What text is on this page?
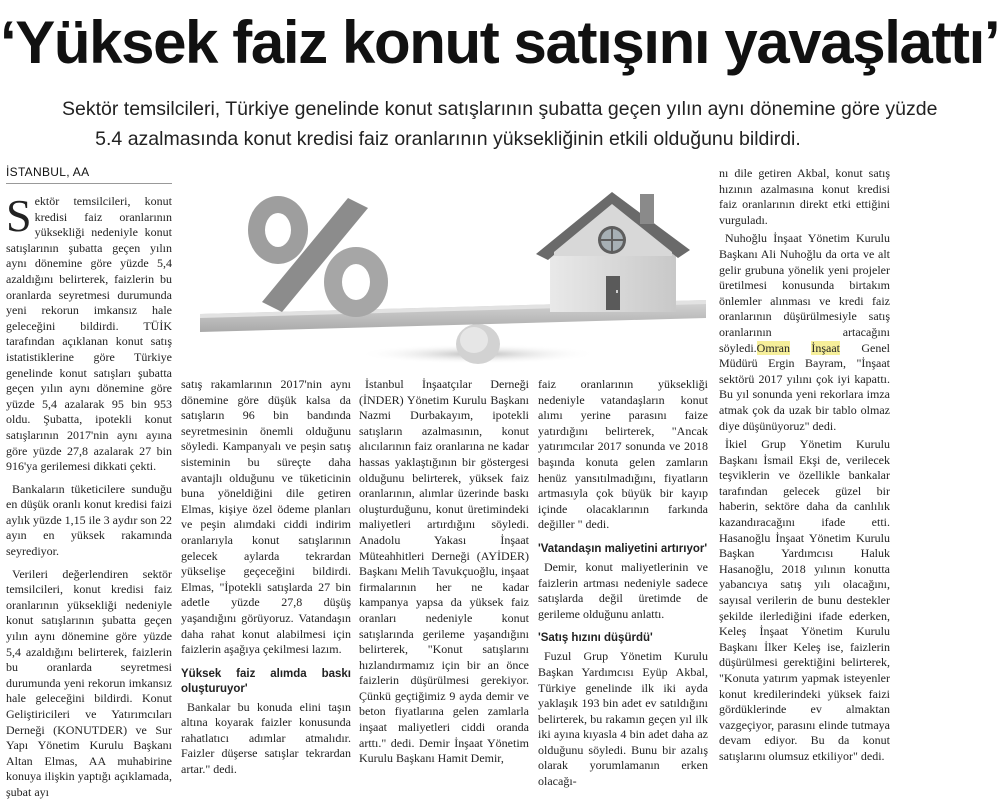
‘Yüksek faiz konut satışını yavaşlattı’
Sektör temsilcileri, Türkiye genelinde konut satışlarının şubatta geçen yılın aynı dönemine göre yüzde
5.4 azalmasında konut kredisi faiz oranlarının yüksekliğinin etkili olduğunu bildirdi.
İSTANBUL, AA

Sektör temsilcileri, konut kredisi faiz oranlarının yüksekliği nedeniyle konut satışlarının şubatta geçen yılın aynı dönemine göre yüzde 5,4 azaldığını belirterek, faizlerin bu oranlarda seyretmesi durumunda yeni rekorun imkansız hale geleceğini bildirdi. TÜİK tarafından açıklanan konut satış istatistiklerine göre Türkiye genelinde konut satışları şubatta geçen yılın aynı dönemine göre yüzde 5,4 azalarak 95 bin 953 oldu. Şubatta, ipotekli konut satışlarının 2017'nin aynı ayına göre yüzde 27,8 azalarak 27 bin 916'ya gerilemesi dikkati çekti.

Bankaların tüketicilere sunduğu en düşük oranlı konut kredisi faizi aylık yüzde 1,15 ile 3 aydır son 22 ayın en yüksek rakamında seyrediyor.

Verileri değerlendiren sektör temsilcileri, konut kredisi faiz oranlarının yüksekliği nedeniyle konut satışlarının şubatta geçen yılın aynı dönemine göre yüzde 5,4 azaldığını belirterek, faizlerin bu oranlarda seyretmesi durumunda yeni rekorun imkansız hale geleceğini bildirdi. Konut Geliştiricileri ve Yatırımcıları Derneği (KONUTDER) ve Sur Yapı Yönetim Kurulu Başkanı Altan Elmas, AA muhabirine konuya ilişkin yaptığı açıklamada, şubat ayı

satış rakamlarının 2017'nin aynı dönemine göre düşük kalsa da satışların 96 bin bandında seyretmesinin önemli olduğunu söyledi. Kampanyalı ve peşin satış sisteminin bu süreçte daha avantajlı olduğunu ve tüketicinin buna yöneldiğini dile getiren Elmas, kişiye özel ödeme planları ve peşin alımdaki ciddi indirim oranlarıyla konut satışlarının gelecek aylarda tekrardan yükselişe geçeceğini bildirdi. Elmas, "İpotekli satışlarda 27 bin adetle yüzde 27,8 düşüş yaşandığını görüyoruz. Vatandaşın daha rahat konut alabilmesi için faizlerin aşağıya çekilmesi lazım.

Yüksek faiz alımda baskı oluşturuyor'

Bankalar bu konuda elini taşın altına koyarak faizler konusunda rahatlatıcı adımlar atmalıdır. Faizler düşerse satışlar tekrardan artar." dedi.

İstanbul İnşaatçılar Derneği (İNDER) Yönetim Kurulu Başkanı Nazmi Durbakayım, ipotekli satışların azalmasının, konut alıcılarının faiz oranlarına ne kadar hassas yaklaştığının bir göstergesi olduğunu belirterek, yüksek faiz oranlarının, alımlar üzerinde baskı oluşturduğunu, konut üretimindeki maliyetleri artırdığını söyledi. Anadolu Yakası İnşaat Müteahhitleri Derneği (AYİDER) Başkanı Melih Tavukçuoğlu, inşaat firmalarının her ne kadar kampanya yapsa da yüksek faiz oranları nedeniyle konut satışlarında gerileme yaşandığını belirterek, "Konut satışlarını hızlandırmamız için bir an önce faizlerin düşürülmesi gerekiyor. Çünkü geçtiğimiz 9 ayda demir ve beton fiyatlarına gelen zamlarla inşaat maliyetleri ciddi oranda arttı." dedi. Demir İnşaat Yönetim Kurulu Başkanı Hamit Demir,

faiz oranlarının yüksekliği nedeniyle vatandaşların konut alımı yerine parasını faize yatırdığını belirterek, "Ancak yatırımcılar 2017 sonunda ve 2018 başında konuta gelen zamların henüz yansıtılmadığını, fiyatların artmasıyla çok büyük bir kayıp içinde olacaklarının farkında değiller " dedi.

'Vatandaşın maliyetini artırıyor'

Demir, konut maliyetlerinin ve faizlerin artması nedeniyle sadece satışlarda değil üretimde de gerileme olduğunu anlattı.

'Satış hızını düşürdü'

Fuzul Grup Yönetim Kurulu Başkan Yardımcısı Eyüp Akbal, Türkiye genelinde ilk iki ayda yaklaşık 193 bin adet ev satıldığını belirterek, bu rakamın geçen yıl ilk iki ayına kıyasla 4 bin adet daha az olduğunu söyledi. Bunu bir azalış olarak yorumlamanın erken olacağı-

nı dile getiren Akbal, konut satış hızının azalmasına konut kredisi faiz oranlarının direkt etki ettiğini vurguladı.

Nuhoğlu İnşaat Yönetim Kurulu Başkanı Ali Nuhoğlu da orta ve alt gelir grubuna yönelik yeni projeler üretilmesi konusunda birtakım önlemler alınması ve kredi faiz oranlarının düşürülmesiyle satış oranlarının artacağını söyledi.Omran İnşaat Genel Müdürü Ergin Bayram, "İnşaat sektörü 2017 yılını çok iyi kapattı. Bu yıl sonunda yeni rekorlara imza atmak çok da uzak bir tablo olmaz diye düşünüyoruz" dedi.

İkiel Grup Yönetim Kurulu Başkanı İsmail Ekşi de, verilecek teşviklerin ve özellikle bankalar tarafından gelecek güzel bir haberin, sektöre daha da canlılık kazandıracağını ifade etti. Hasanoğlu İnşaat Yönetim Kurulu Başkan Yardımcısı Haluk Hasanoğlu, 2018 yılının konutta yabancıya satış yılı olacağını, sayısal verilerin de bunu destekler şekilde ilerlediğini ifade ederken, Keleş İnşaat Yönetim Kurulu Başkanı İlker Keleş ise, faizlerin düşürülmesi gerektiğini belirterek, "Konuta yatırım yapmak isteyenler konut kredilerindeki yüksek faizi gördüklerinde ev almaktan vazgeçiyor, parasını elinde tutmaya devam ediyor. Bu da konut satışlarını olumsuz etkiliyor" dedi.
